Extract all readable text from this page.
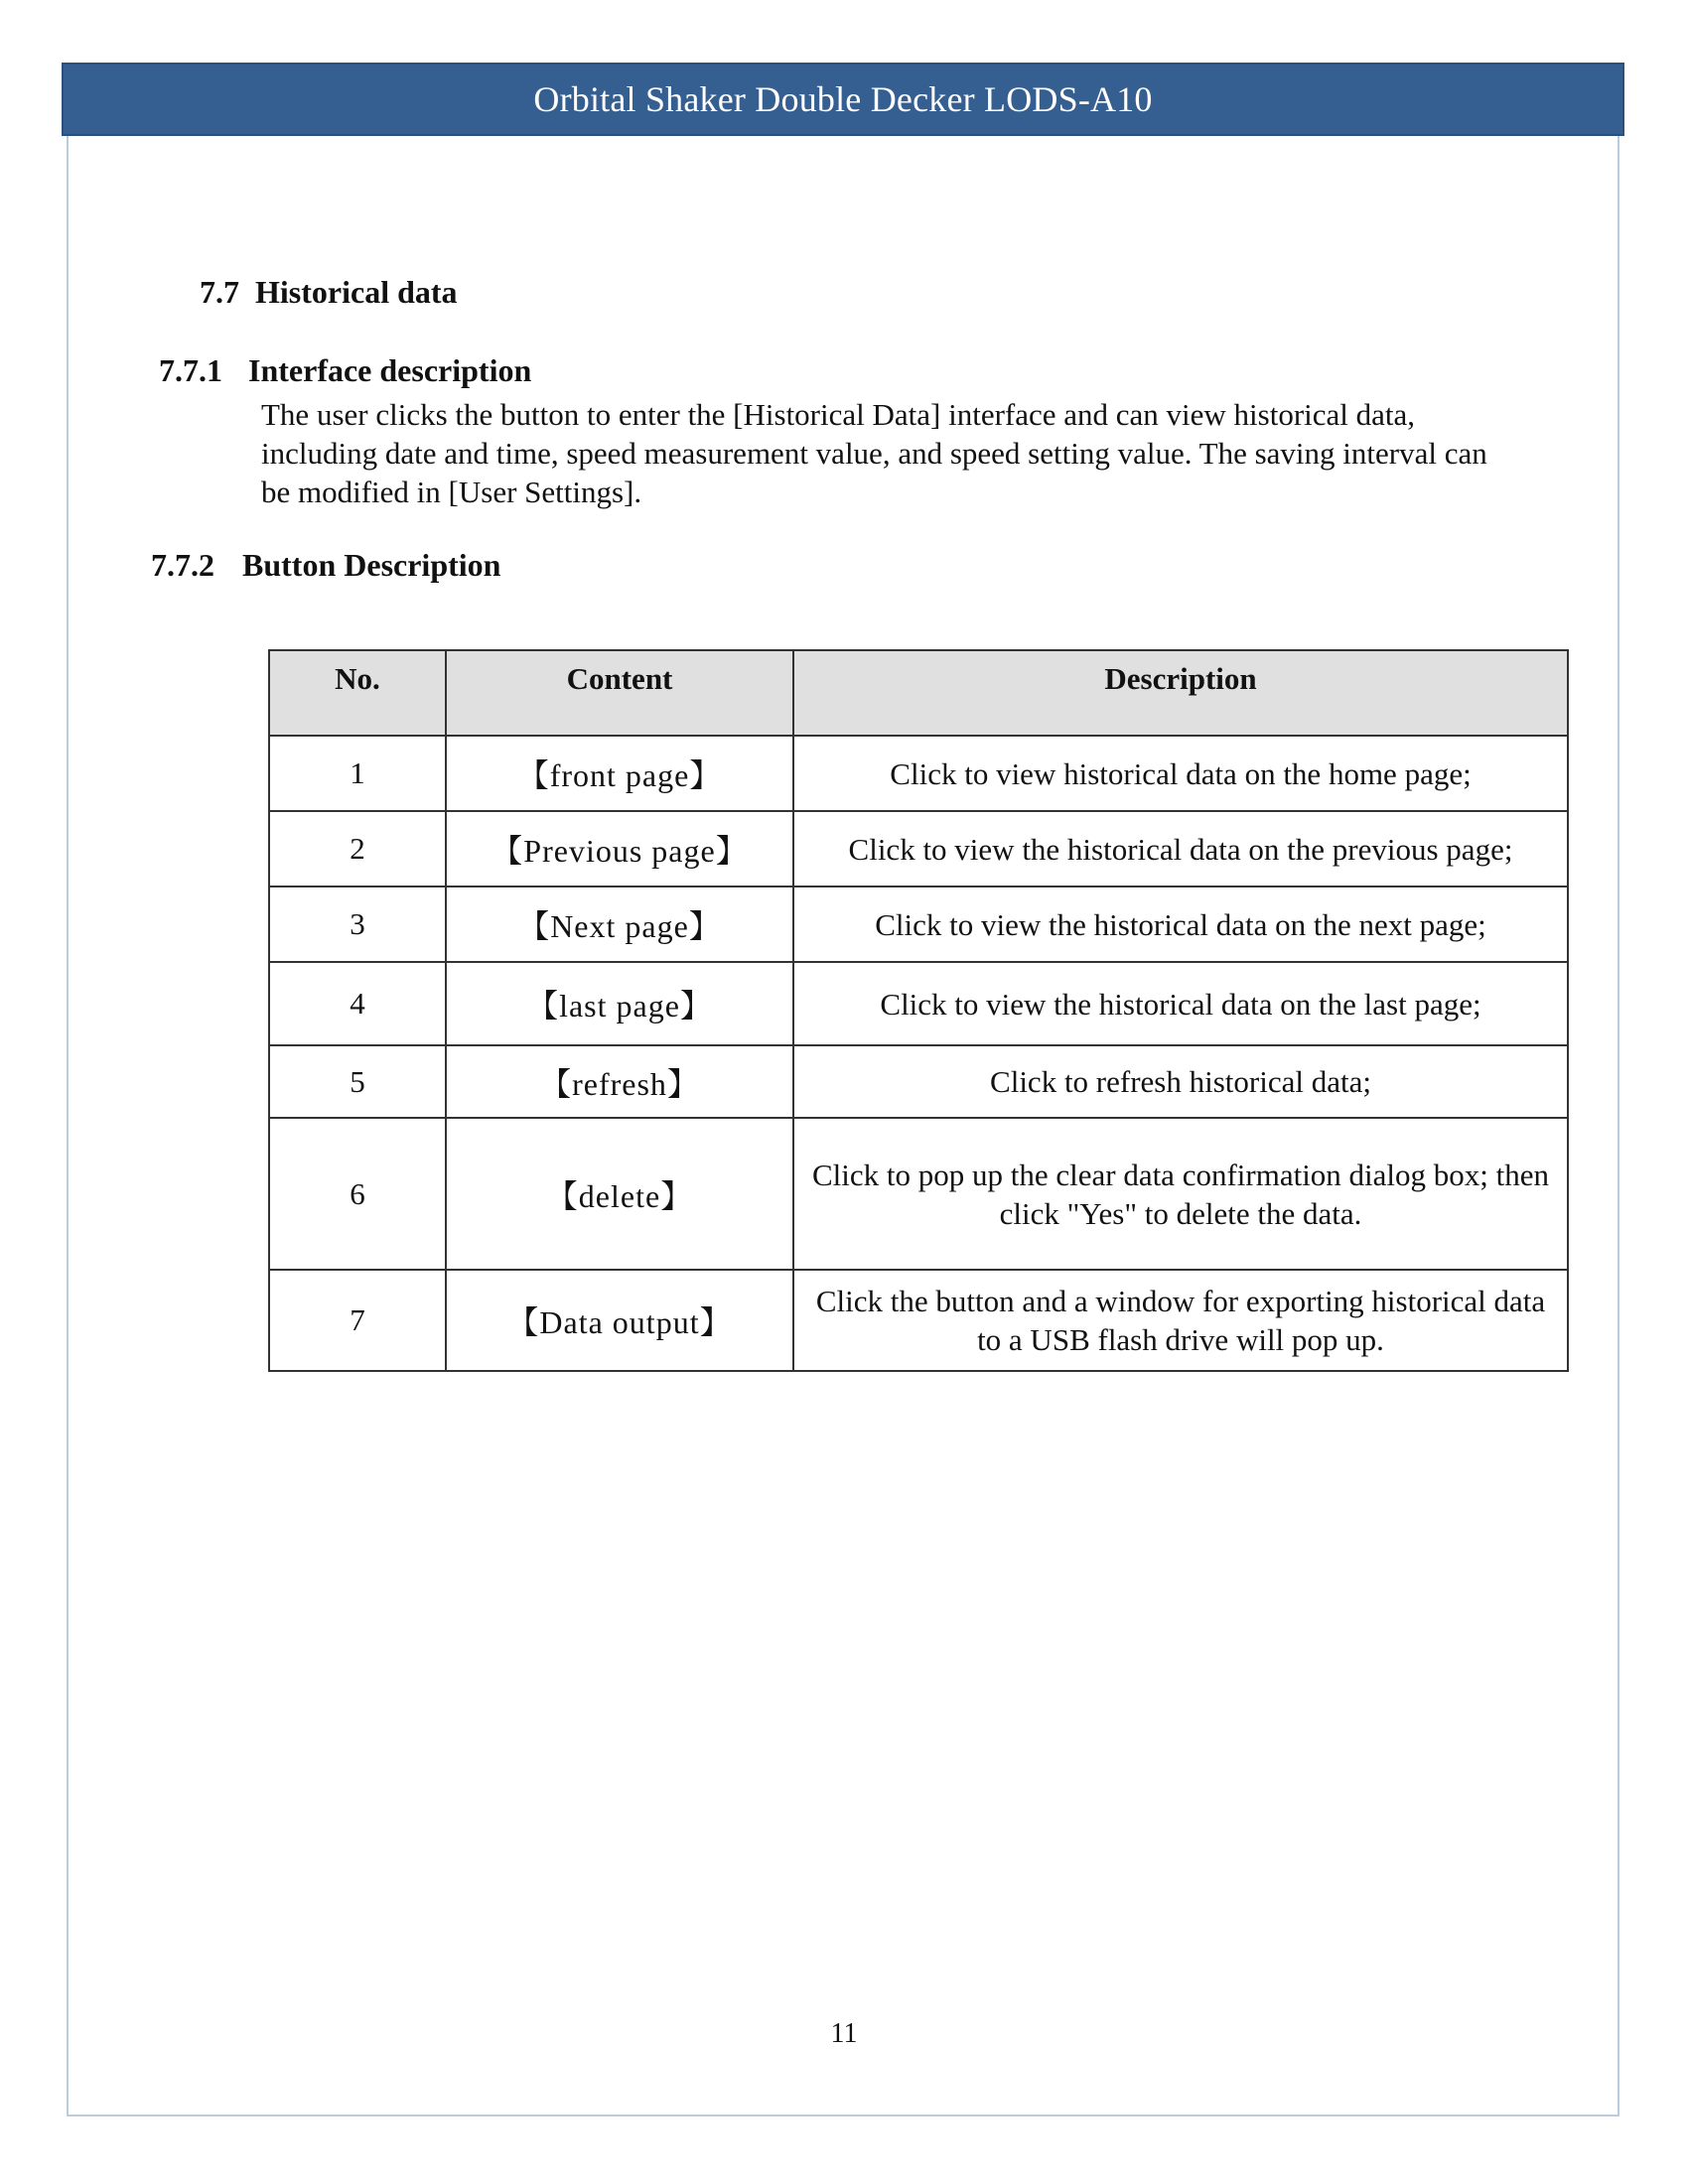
Orbital Shaker Double Decker LODS-A10
7.7 Historical data
7.7.1 Interface description

The user clicks the button to enter the [Historical Data] interface and can view historical data, including date and time, speed measurement value, and speed setting value. The saving interval can be modified in [User Settings].

7.7.2 Button Description
No.	Content	Description
1	【front page】	Click to view historical data on the home page;
2	【Previous page】	Click to view the historical data on the previous page;
3	【Next page】	Click to view the historical data on the next page;
4	【last page】	Click to view the historical data on the last page;
5	【refresh】	Click to refresh historical data;
6	【delete】	Click to pop up the clear data confirmation dialog box; then click "Yes" to delete the data.
7	【Data output】	Click the button and a window for exporting historical data to a USB flash drive will pop up.
11
